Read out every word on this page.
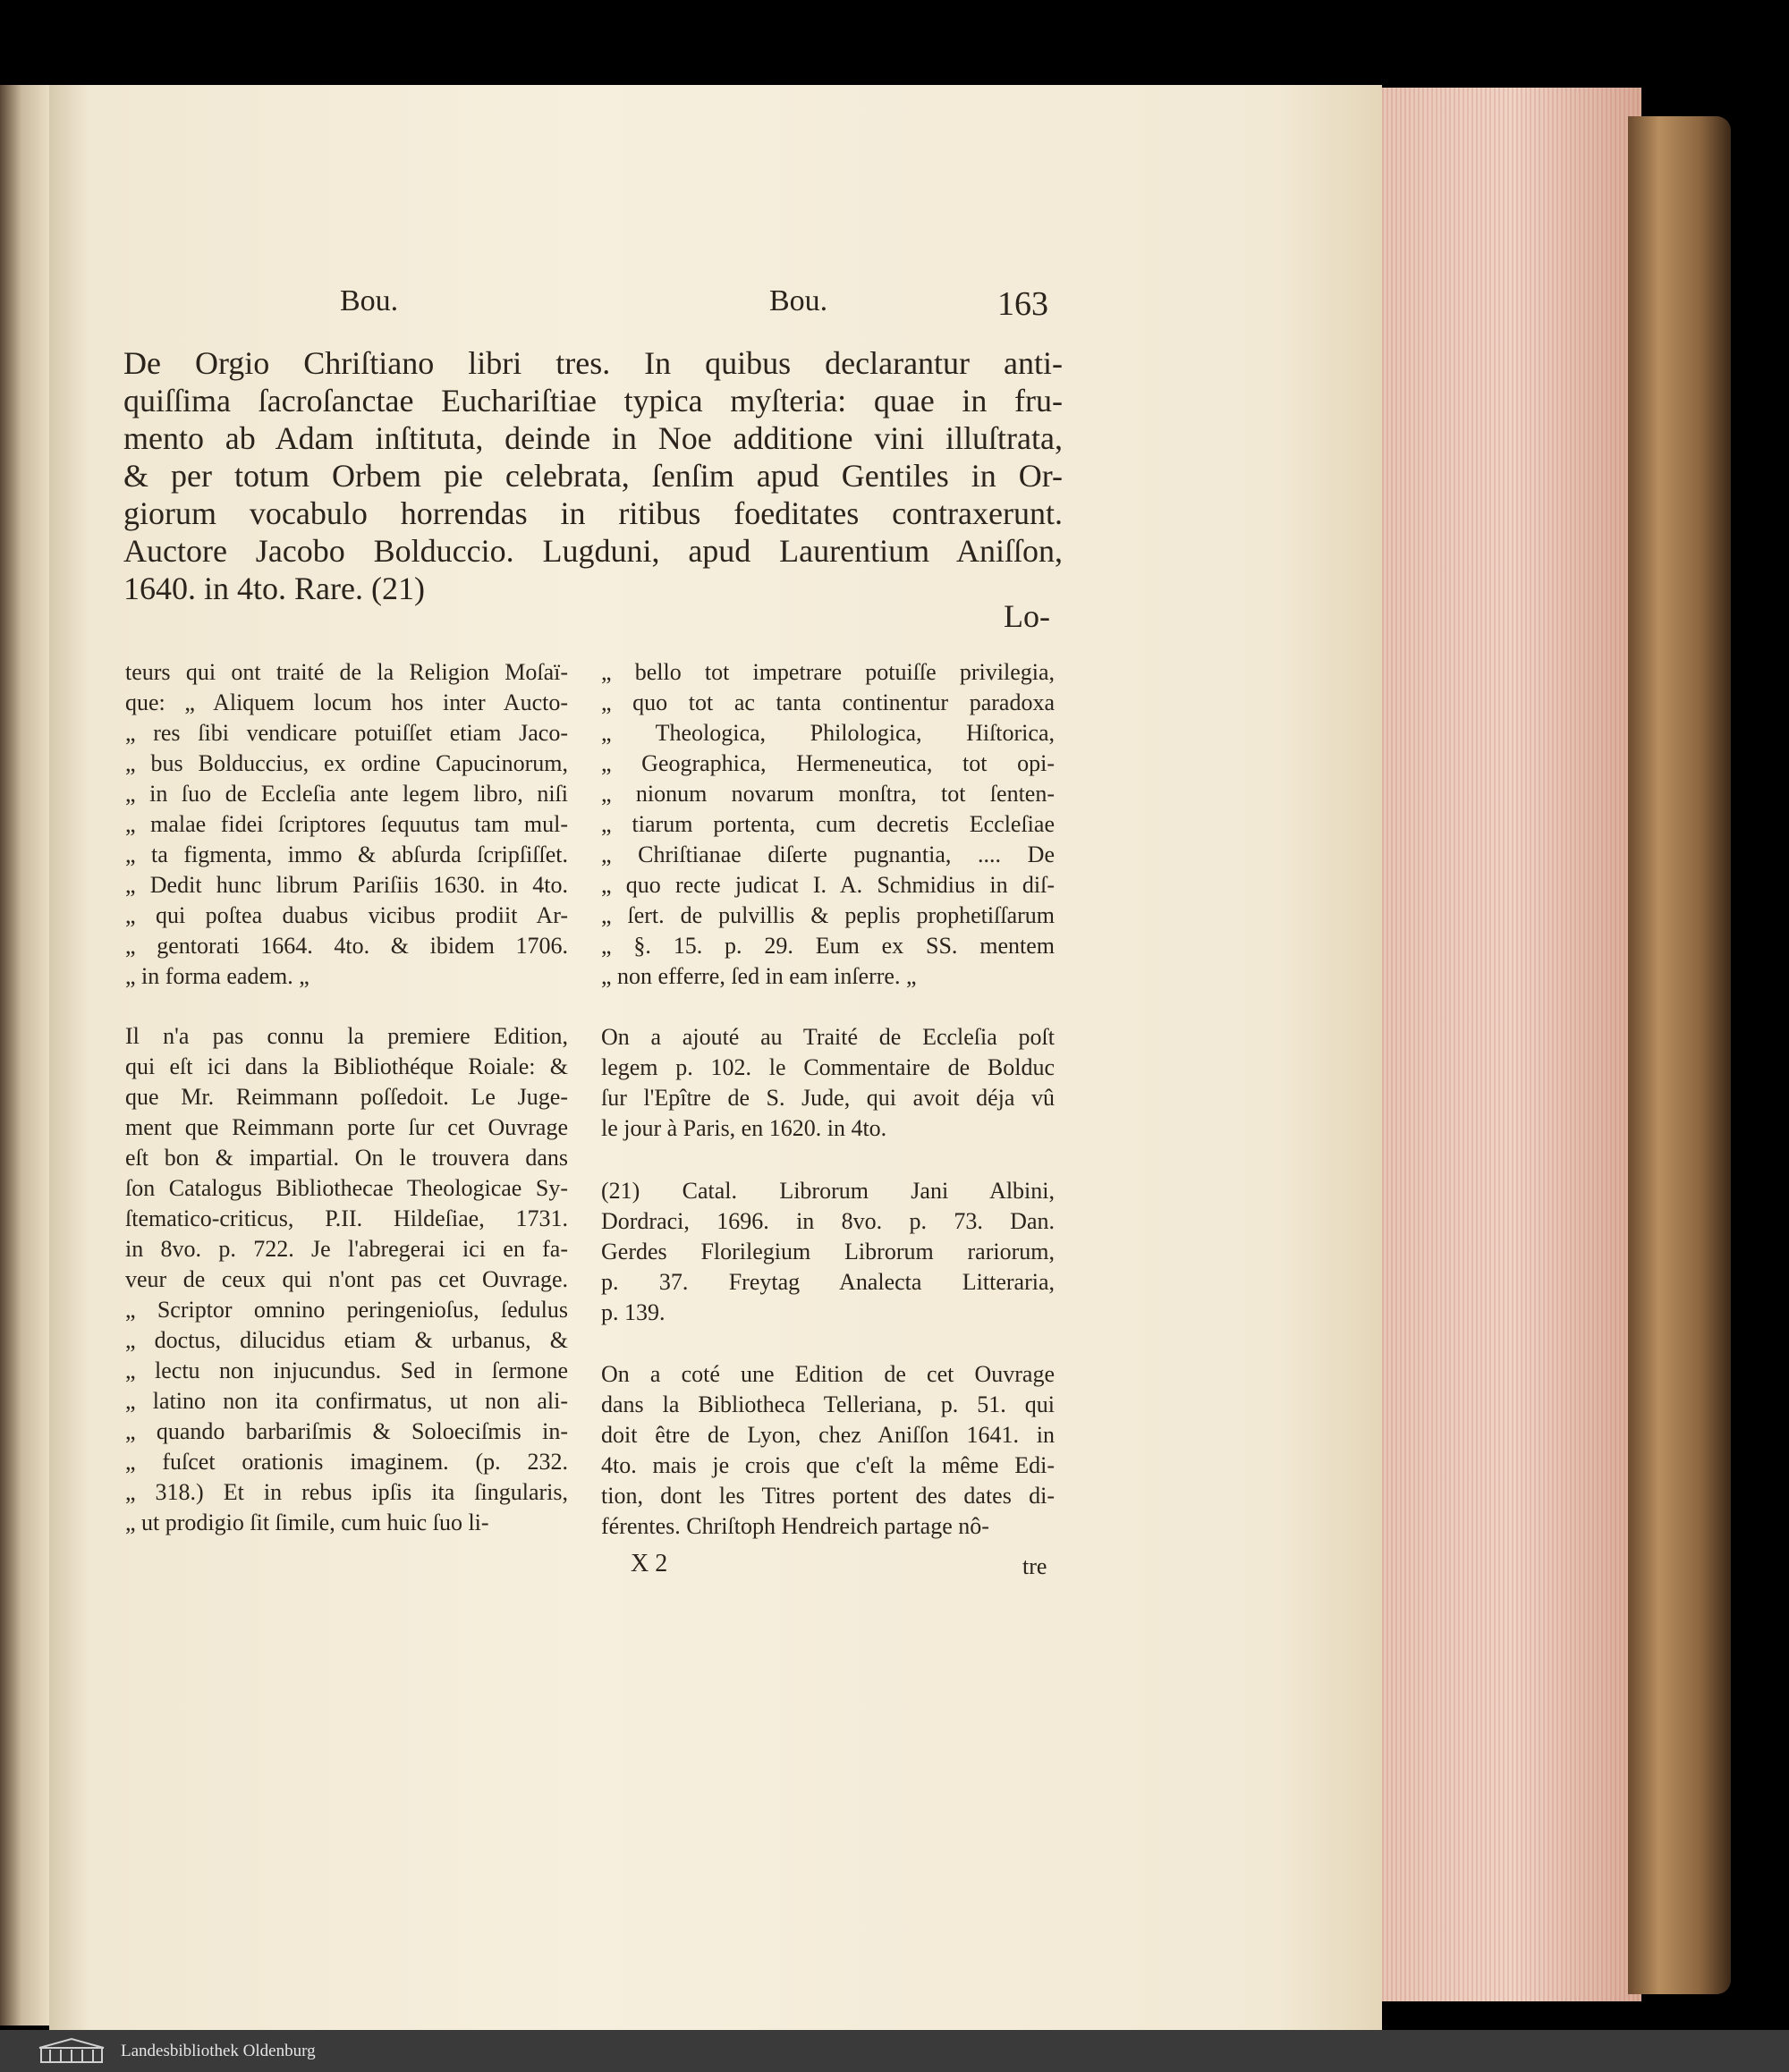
Bou.	Bou.	163
De Orgio Chriſtiano libri tres. In quibus declarantur anti-
quiſſima ſacroſanctae Euchariſtiae typica myſteria: quae in fru-
mento ab Adam inſtituta, deinde in Noe additione vini illuſtrata,
& per totum Orbem pie celebrata, ſenſim apud Gentiles in Or-
giorum vocabulo horrendas in ritibus foeditates contraxerunt.
Auctore Jacobo Bolduccio. Lugduni, apud Laurentium Aniſſon,
1640. in 4to. Rare. (21)
Lo-
teurs qui ont traité de la Religion Moſaï-
que: „ Aliquem locum hos inter Aucto-
„ res ſibi vendicare potuiſſet etiam Jaco-
„ bus Bolduccius, ex ordine Capucinorum,
„ in ſuo de Eccleſia ante legem libro, niſi
„ malae fidei ſcriptores ſequutus tam mul-
„ ta figmenta, immo & abſurda ſcripſiſſet.
„ Dedit hunc librum Pariſiis 1630. in 4to.
„ qui poſtea duabus vicibus prodiit Ar-
„ gentorati 1664. 4to. & ibidem 1706.
„ in forma eadem. „
Il n'a pas connu la premiere Edition,
qui eſt ici dans la Bibliothéque Roiale: &
que Mr. Reimmann poſſedoit. Le Juge-
ment que Reimmann porte ſur cet Ouvrage
eſt bon & impartial. On le trouvera dans
ſon Catalogus Bibliothecae Theologicae Sy-
ſtematico-criticus, P.II. Hildeſiae, 1731.
in 8vo. p. 722. Je l'abregerai ici en fa-
veur de ceux qui n'ont pas cet Ouvrage.
„ Scriptor omnino peringenioſus, ſedulus
„ doctus, dilucidus etiam & urbanus, &
„ lectu non injucundus. Sed in ſermone
„ latino non ita confirmatus, ut non ali-
„ quando barbariſmis & Soloeciſmis in-
„ fuſcet orationis imaginem. (p. 232.
„ 318.) Et in rebus ipſis ita ſingularis,
„ ut prodigio ſit ſimile, cum huic ſuo li-
X 2
„ bello tot impetrare potuiſſe privilegia,
„ quo tot ac tanta continentur paradoxa
„ Theologica, Philologica, Hiſtorica,
„ Geographica, Hermeneutica, tot opi-
„ nionum novarum monſtra, tot ſenten-
„ tiarum portenta, cum decretis Eccleſiae
„ Chriſtianae diſerte pugnantia, .... De
„ quo recte judicat I. A. Schmidius in diſ-
„ ſert. de pulvillis & peplis prophetiſſarum
„ §. 15. p. 29. Eum ex SS. mentem
„ non efferre, ſed in eam inſerre. „
On a ajouté au Traité de Eccleſia poſt
legem p. 102. le Commentaire de Bolduc
ſur l'Epître de S. Jude, qui avoit déja vû
le jour à Paris, en 1620. in 4to.
(21) Catal. Librorum Jani Albini,
Dordraci, 1696. in 8vo. p. 73. Dan.
Gerdes Florilegium Librorum rariorum,
p. 37. Freytag Analecta Litteraria,
p. 139.
On a coté une Edition de cet Ouvrage
dans la Bibliotheca Telleriana, p. 51. qui
doit être de Lyon, chez Aniſſon 1641. in
4to. mais je crois que c'eſt la même Edi-
tion, dont les Titres portent des dates di-
férentes. Chriſtoph Hendreich partage nô-
tre
Landesbibliothek Oldenburg
